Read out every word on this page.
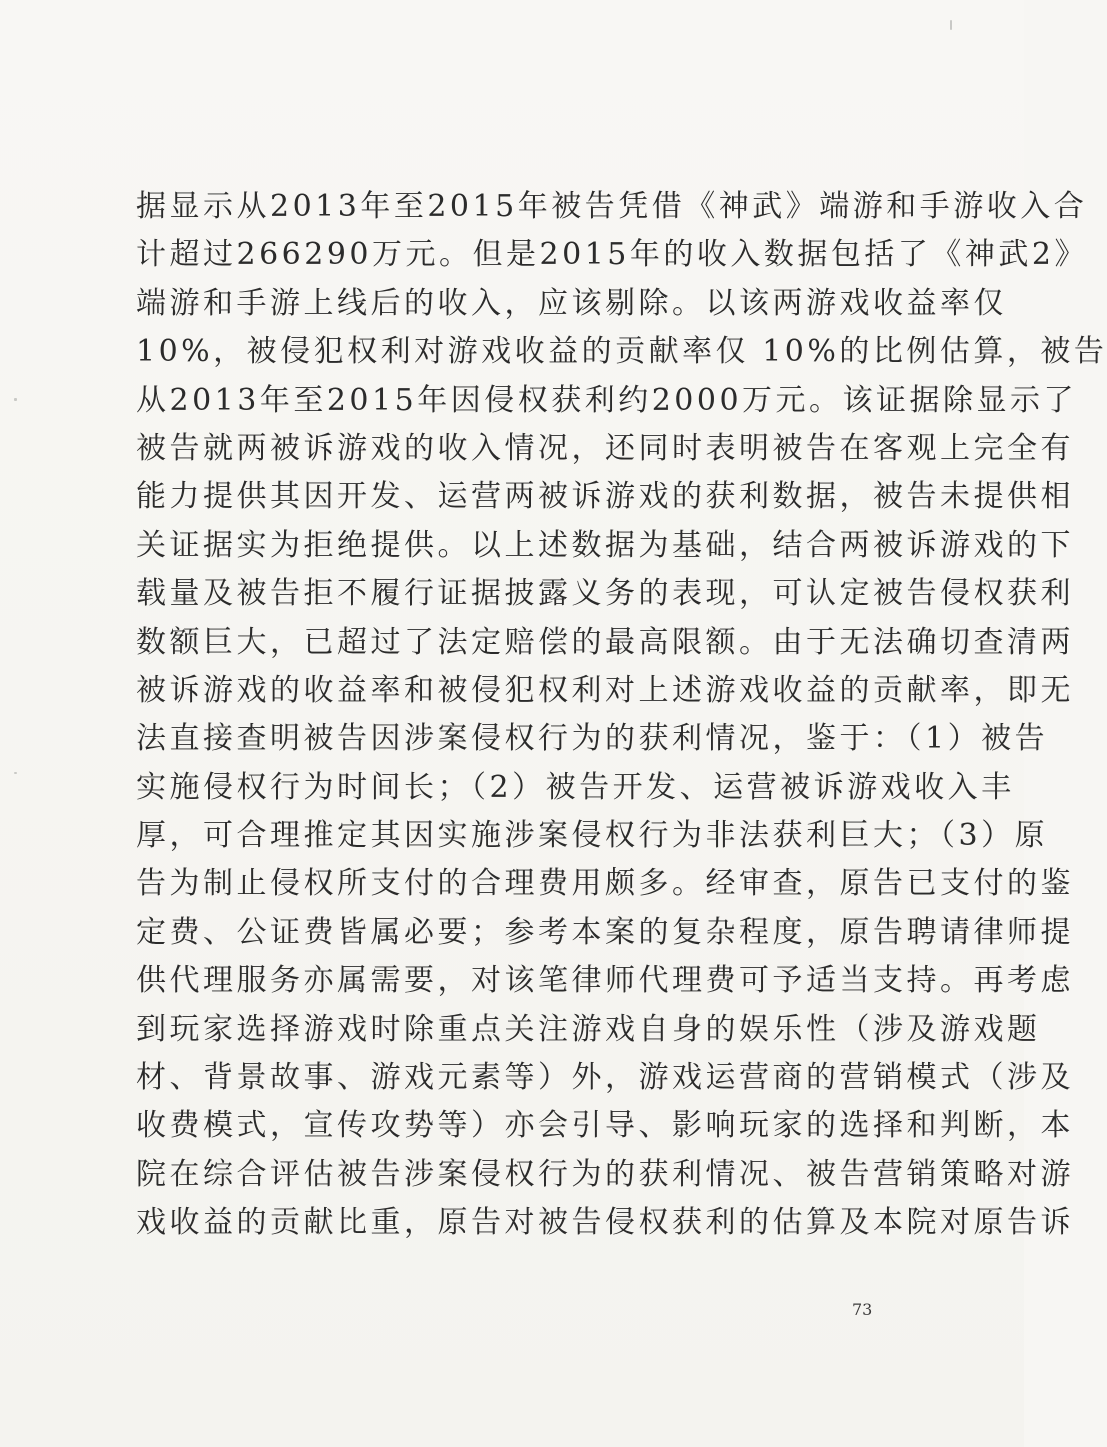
据显示从2013年至2015年被告凭借《神武》端游和手游收入合
计超过266290万元。但是2015年的收入数据包括了《神武2》
端游和手游上线后的收入，应该剔除。以该两游戏收益率仅
10%，被侵犯权利对游戏收益的贡献率仅 10%的比例估算，被告
从2013年至2015年因侵权获利约2000万元。该证据除显示了
被告就两被诉游戏的收入情况，还同时表明被告在客观上完全有
能力提供其因开发、运营两被诉游戏的获利数据，被告未提供相
关证据实为拒绝提供。以上述数据为基础，结合两被诉游戏的下
载量及被告拒不履行证据披露义务的表现，可认定被告侵权获利
数额巨大，已超过了法定赔偿的最高限额。由于无法确切查清两
被诉游戏的收益率和被侵犯权利对上述游戏收益的贡献率，即无
法直接查明被告因涉案侵权行为的获利情况，鉴于：（1）被告
实施侵权行为时间长；（2）被告开发、运营被诉游戏收入丰
厚，可合理推定其因实施涉案侵权行为非法获利巨大；（3）原
告为制止侵权所支付的合理费用颇多。经审查，原告已支付的鉴
定费、公证费皆属必要；参考本案的复杂程度，原告聘请律师提
供代理服务亦属需要，对该笔律师代理费可予适当支持。再考虑
到玩家选择游戏时除重点关注游戏自身的娱乐性（涉及游戏题
材、背景故事、游戏元素等）外，游戏运营商的营销模式（涉及
收费模式，宣传攻势等）亦会引导、影响玩家的选择和判断，本
院在综合评估被告涉案侵权行为的获利情况、被告营销策略对游
戏收益的贡献比重，原告对被告侵权获利的估算及本院对原告诉
73
